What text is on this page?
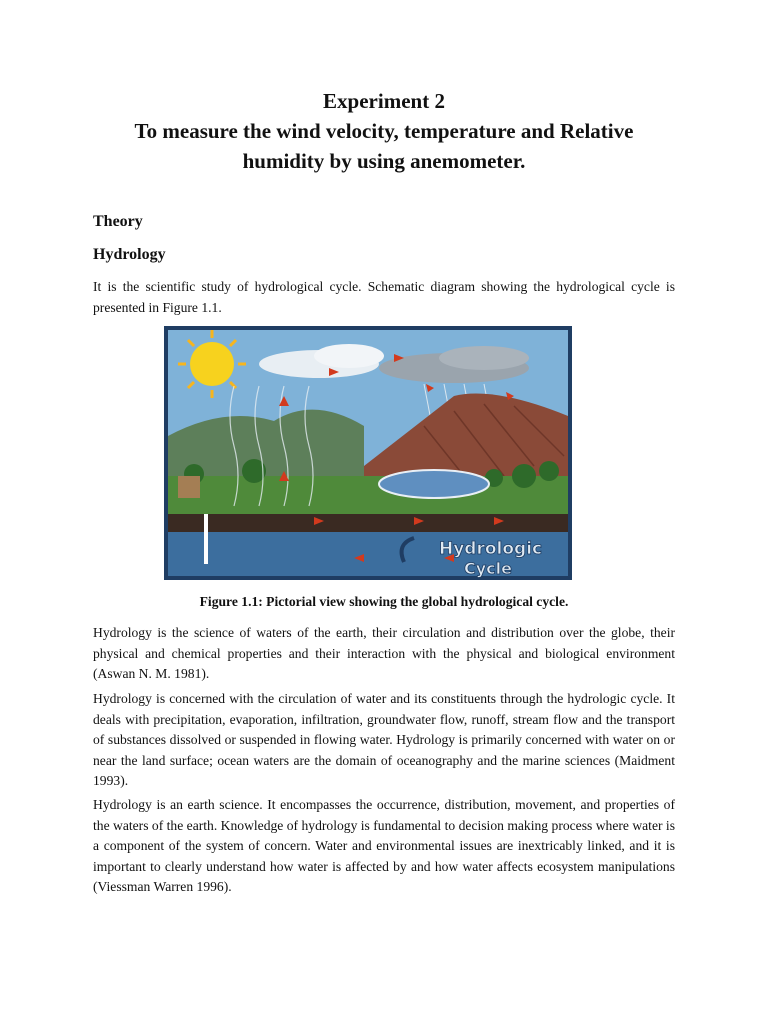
Experiment 2
To measure the wind velocity, temperature and Relative
humidity by using anemometer.
Theory
Hydrology

It is the scientific study of hydrological cycle. Schematic diagram showing the hydrological cycle is presented in Figure 1.1.

Hydrologic
Cycle
Figure 1.1: Pictorial view showing the global hydrological cycle.

Hydrology is the science of waters of the earth, their circulation and distribution over the globe, their physical and chemical properties and their interaction with the physical and biological environment (Aswan N. M. 1981).

Hydrology is concerned with the circulation of water and its constituents through the hydrologic cycle. It deals with precipitation, evaporation, infiltration, groundwater flow, runoff, stream flow and the transport of substances dissolved or suspended in flowing water. Hydrology is primarily concerned with water on or near the land surface; ocean waters are the domain of oceanography and the marine sciences (Maidment 1993).

Hydrology is an earth science. It encompasses the occurrence, distribution, movement, and properties of the waters of the earth. Knowledge of hydrology is fundamental to decision making process where water is a component of the system of concern. Water and environmental issues are inextricably linked, and it is important to clearly understand how water is affected by and how water affects ecosystem manipulations (Viessman Warren 1996).
